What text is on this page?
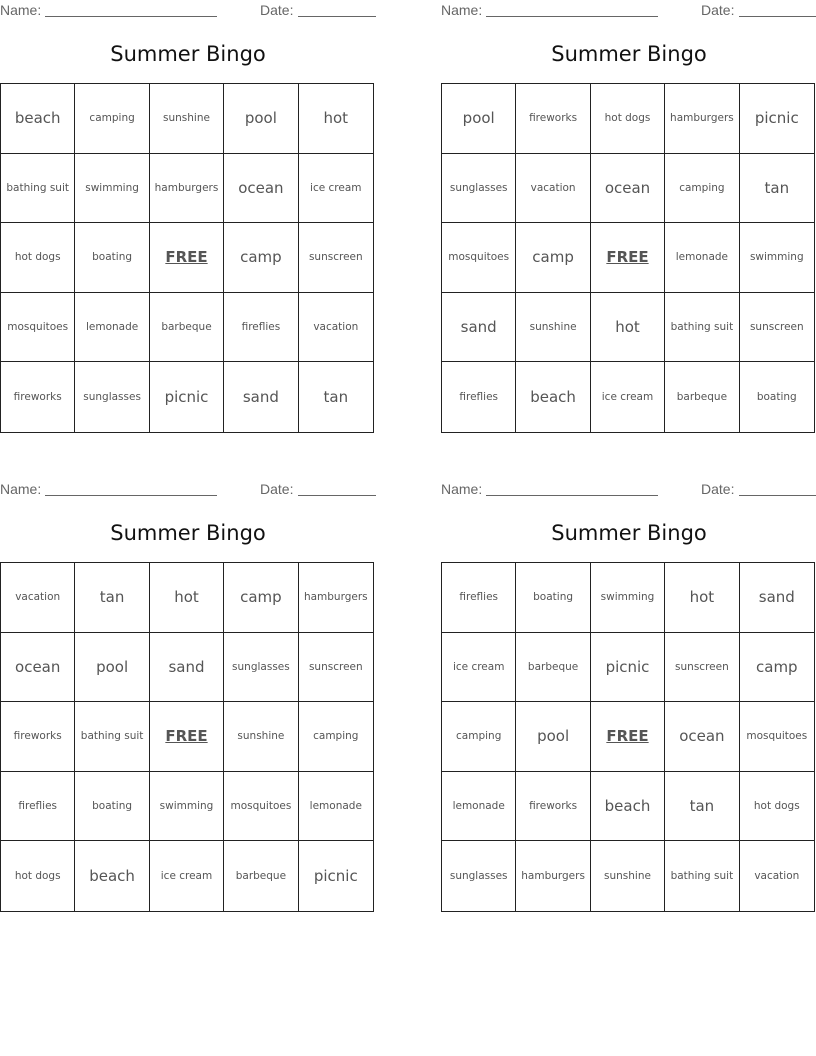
Name:	Date:
Summer Bingo
beach	camping	sunshine	pool	hot
bathing suit	swimming	hamburgers	ocean	ice cream
hot dogs	boating	FREE	camp	sunscreen
mosquitoes	lemonade	barbeque	fireflies	vacation
fireworks	sunglasses	picnic	sand	tan
Name:	Date:
Summer Bingo
pool	fireworks	hot dogs	hamburgers	picnic
sunglasses	vacation	ocean	camping	tan
mosquitoes	camp	FREE	lemonade	swimming
sand	sunshine	hot	bathing suit	sunscreen
fireflies	beach	ice cream	barbeque	boating
Name:	Date:
Summer Bingo
vacation	tan	hot	camp	hamburgers
ocean	pool	sand	sunglasses	sunscreen
fireworks	bathing suit	FREE	sunshine	camping
fireflies	boating	swimming	mosquitoes	lemonade
hot dogs	beach	ice cream	barbeque	picnic
Name:	Date:
Summer Bingo
fireflies	boating	swimming	hot	sand
ice cream	barbeque	picnic	sunscreen	camp
camping	pool	FREE	ocean	mosquitoes
lemonade	fireworks	beach	tan	hot dogs
sunglasses	hamburgers	sunshine	bathing suit	vacation
